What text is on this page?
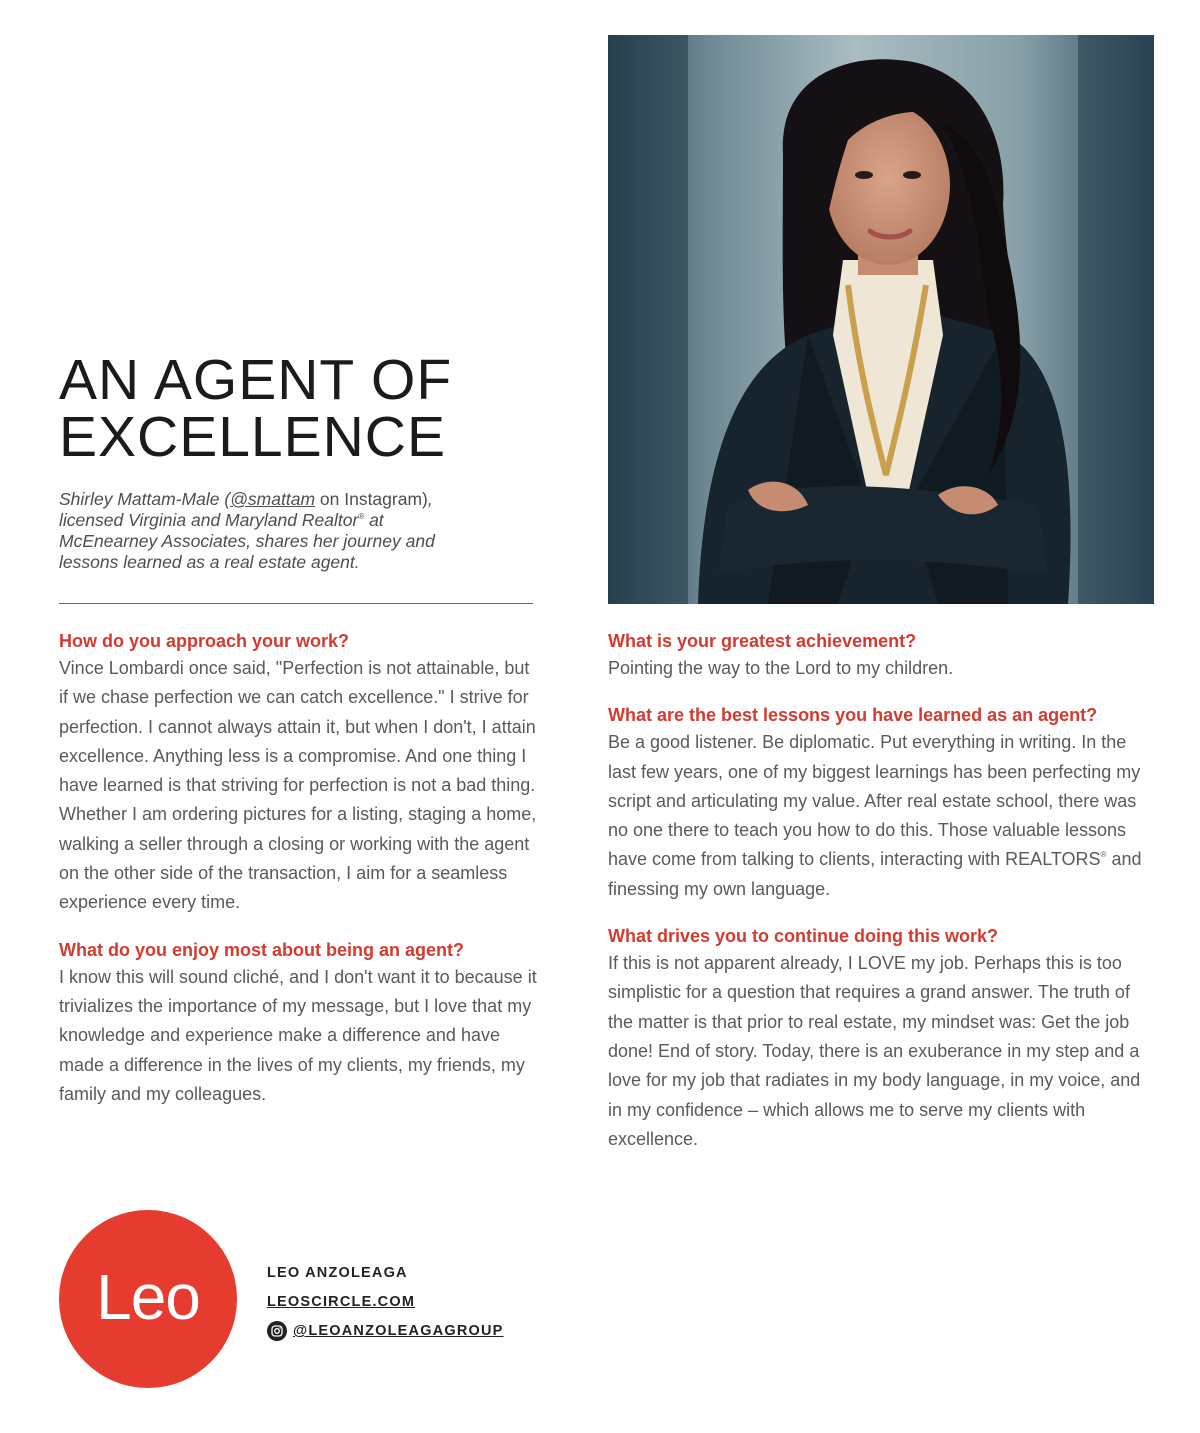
AN AGENT OF
EXCELLENCE

Shirley Mattam-Male (@smattam on Instagram),
licensed Virginia and Maryland Realtor® at
McEnearney Associates, shares her journey and
lessons learned as a real estate agent.

How do you approach your work?

Vince Lombardi once said, "Perfection is not attainable, but if we chase perfection we can catch excellence." I strive for perfection. I cannot always attain it, but when I don't, I attain excellence. Anything less is a compromise. And one thing I have learned is that striving for perfection is not a bad thing. Whether I am ordering pictures for a listing, staging a home, walking a seller through a closing or working with the agent on the other side of the transaction, I aim for a seamless experience every time.

What do you enjoy most about being an agent?

I know this will sound cliché, and I don't want it to because it trivializes the importance of my message, but I love that my knowledge and experience make a difference and have made a difference in the lives of my clients, my friends, my family and my colleagues.

What is your greatest achievement?

Pointing the way to the Lord to my children.

What are the best lessons you have learned as an agent?

Be a good listener. Be diplomatic. Put everything in writing. In the last few years, one of my biggest learnings has been perfecting my script and articulating my value. After real estate school, there was no one there to teach you how to do this. Those valuable lessons have come from talking to clients, interacting with REALTORS® and finessing my own language.

What drives you to continue doing this work?

If this is not apparent already, I LOVE my job. Perhaps this is too simplistic for a question that requires a grand answer. The truth of the matter is that prior to real estate, my mindset was: Get the job done! End of story. Today, there is an exuberance in my step and a love for my job that radiates in my body language, in my voice, and in my confidence – which allows me to serve my clients with excellence.

Leo	LEO ANZOLEAGA
LEOSCIRCLE.COM
@LEOANZOLEAGAGROUP
